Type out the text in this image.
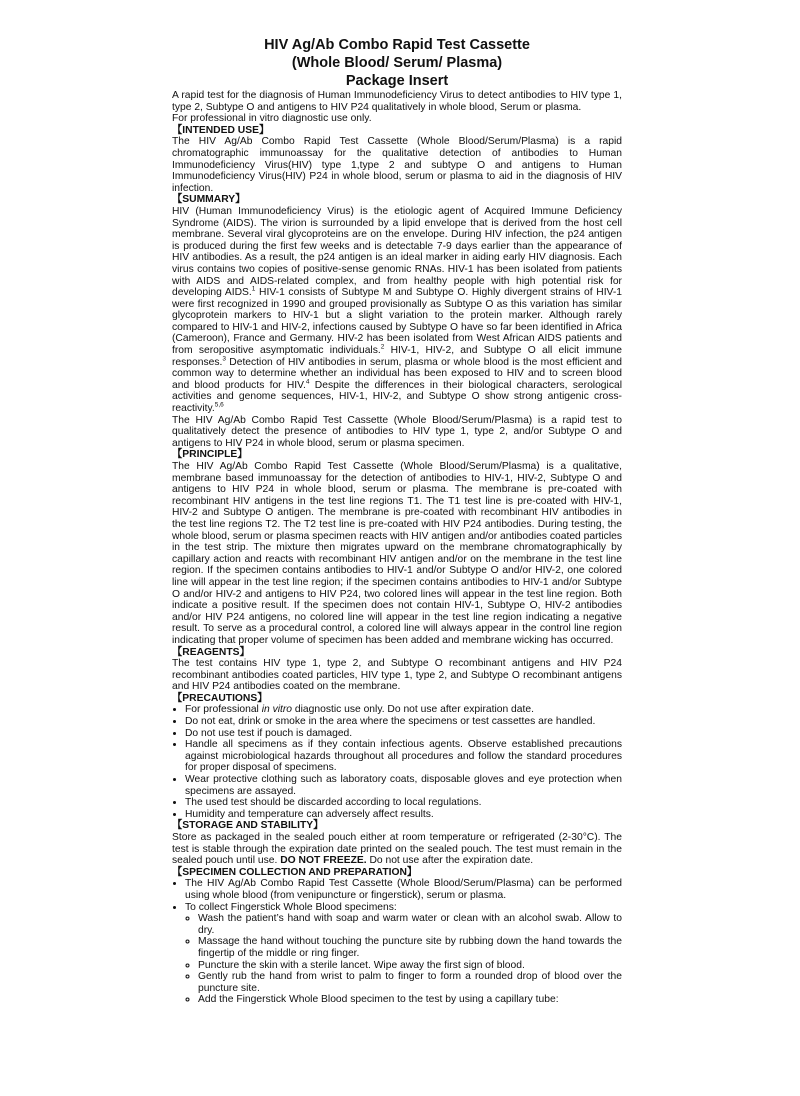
HIV Ag/Ab Combo Rapid Test Cassette
(Whole Blood/ Serum/ Plasma)
Package Insert

A rapid test for the diagnosis of Human Immunodeficiency Virus to detect antibodies to HIV type 1, type 2, Subtype O and antigens to HIV P24 qualitatively in whole blood, Serum or plasma.

For professional in vitro diagnostic use only.

【INTENDED USE】

The HIV Ag/Ab Combo Rapid Test Cassette (Whole Blood/Serum/Plasma) is a rapid chromatographic immunoassay for the qualitative detection of antibodies to Human Immunodeficiency Virus(HIV) type 1,type 2 and subtype O and antigens to Human Immunodeficiency Virus(HIV) P24 in whole blood, serum or plasma to aid in the diagnosis of HIV infection.

【SUMMARY】

HIV (Human Immunodeficiency Virus) is the etiologic agent of Acquired Immune Deficiency Syndrome (AIDS). The virion is surrounded by a lipid envelope that is derived from the host cell membrane. Several viral glycoproteins are on the envelope. During HIV infection, the p24 antigen is produced during the first few weeks and is detectable 7-9 days earlier than the appearance of HIV antibodies. As a result, the p24 antigen is an ideal marker in aiding early HIV diagnosis. Each virus contains two copies of positive-sense genomic RNAs. HIV-1 has been isolated from patients with AIDS and AIDS-related complex, and from healthy people with high potential risk for developing AIDS.$^1$ HIV-1 consists of Subtype M and Subtype O. Highly divergent strains of HIV-1 were first recognized in 1990 and grouped provisionally as Subtype O as this variation has similar glycoprotein markers to HIV-1 but a slight variation to the protein marker. Although rarely compared to HIV-1 and HIV-2, infections caused by Subtype O have so far been identified in Africa (Cameroon), France and Germany. HIV-2 has been isolated from West African AIDS patients and from seropositive asymptomatic individuals.$^2$ HIV-1, HIV-2, and Subtype O all elicit immune responses.$^3$ Detection of HIV antibodies in serum, plasma or whole blood is the most efficient and common way to determine whether an individual has been exposed to HIV and to screen blood and blood products for HIV.$^4$ Despite the differences in their biological characters, serological activities and genome sequences, HIV-1, HIV-2, and Subtype O show strong antigenic cross-reactivity.$^{5,6}$

The HIV Ag/Ab Combo Rapid Test Cassette (Whole Blood/Serum/Plasma) is a rapid test to qualitatively detect the presence of antibodies to HIV type 1, type 2, and/or Subtype O and antigens to HIV P24 in whole blood, serum or plasma specimen.

【PRINCIPLE】

The HIV Ag/Ab Combo Rapid Test Cassette (Whole Blood/Serum/Plasma) is a qualitative, membrane based immunoassay for the detection of antibodies to HIV-1, HIV-2, Subtype O and antigens to HIV P24 in whole blood, serum or plasma. The membrane is pre-coated with recombinant HIV antigens in the test line regions T1. The T1 test line is pre-coated with HIV-1, HIV-2 and Subtype O antigen. The membrane is pre-coated with recombinant HIV antibodies in the test line regions T2. The T2 test line is pre-coated with HIV P24 antibodies. During testing, the whole blood, serum or plasma specimen reacts with HIV antigen and/or antibodies coated particles in the test strip. The mixture then migrates upward on the membrane chromatographically by capillary action and reacts with recombinant HIV antigen and/or on the membrane in the test line region. If the specimen contains antibodies to HIV-1 and/or Subtype O and/or HIV-2, one colored line will appear in the test line region; if the specimen contains antibodies to HIV-1 and/or Subtype O and/or HIV-2 and antigens to HIV P24, two colored lines will appear in the test line region. Both indicate a positive result. If the specimen does not contain HIV-1, Subtype O, HIV-2 antibodies and/or HIV P24 antigens, no colored line will appear in the test line region indicating a negative result. To serve as a procedural control, a colored line will always appear in the control line region indicating that proper volume of specimen has been added and membrane wicking has occurred.

【REAGENTS】

The test contains HIV type 1, type 2, and Subtype O recombinant antigens and HIV P24 recombinant antibodies coated particles, HIV type 1, type 2, and Subtype O recombinant antigens and HIV P24 antibodies coated on the membrane.

【PRECAUTIONS】
• For professional in vitro diagnostic use only. Do not use after expiration date.
• Do not eat, drink or smoke in the area where the specimens or test cassettes are handled.
• Do not use test if pouch is damaged.
• Handle all specimens as if they contain infectious agents. Observe established precautions against microbiological hazards throughout all procedures and follow the standard procedures for proper disposal of specimens.
• Wear protective clothing such as laboratory coats, disposable gloves and eye protection when specimens are assayed.
• The used test should be discarded according to local regulations.
• Humidity and temperature can adversely affect results.
【STORAGE AND STABILITY】

Store as packaged in the sealed pouch either at room temperature or refrigerated (2-30°C). The test is stable through the expiration date printed on the sealed pouch. The test must remain in the sealed pouch until use. DO NOT FREEZE. Do not use after the expiration date.

【SPECIMEN COLLECTION AND PREPARATION】
• The HIV Ag/Ab Combo Rapid Test Cassette (Whole Blood/Serum/Plasma) can be performed using whole blood (from venipuncture or fingerstick), serum or plasma.
• To collect Fingerstick Whole Blood specimens:
◦ Wash the patient’s hand with soap and warm water or clean with an alcohol swab. Allow to dry.
◦ Massage the hand without touching the puncture site by rubbing down the hand towards the fingertip of the middle or ring finger.
◦ Puncture the skin with a sterile lancet. Wipe away the first sign of blood.
◦ Gently rub the hand from wrist to palm to finger to form a rounded drop of blood over the puncture site.
◦ Add the Fingerstick Whole Blood specimen to the test by using a capillary tube:
